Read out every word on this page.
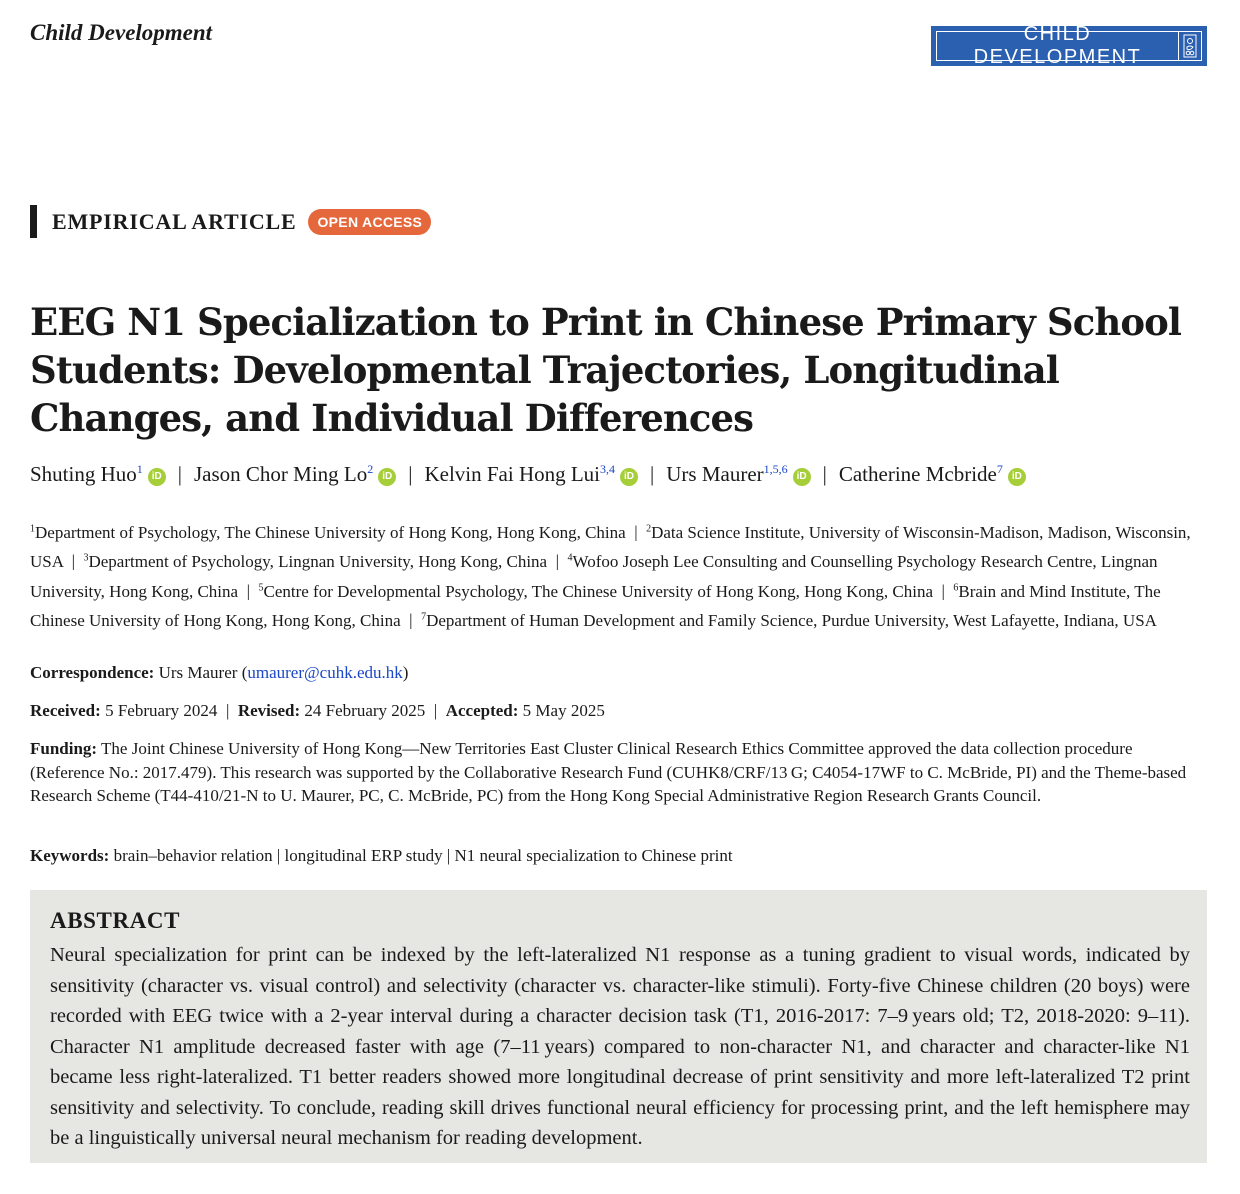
Child Development	CHILD DEVELOPMENT
EMPIRICAL ARTICLE	OPEN ACCESS
EEG N1 Specialization to Print in Chinese Primary School Students: Developmental Trajectories, Longitudinal Changes, and Individual Differences
Shuting Huo$^1$iD | Jason Chor Ming Lo$^2$iD | Kelvin Fai Hong Lui$^{3,4}$iD | Urs Maurer$^{1,5,6}$iD | Catherine Mcbride$^7$iD

$^1$Department of Psychology, The Chinese University of Hong Kong, Hong Kong, China  |  $^2$Data Science Institute, University of Wisconsin-Madison, Madison, Wisconsin, USA  |  $^3$Department of Psychology, Lingnan University, Hong Kong, China  |  $^4$Wofoo Joseph Lee Consulting and Counselling Psychology Research Centre, Lingnan University, Hong Kong, China  |  $^5$Centre for Developmental Psychology, The Chinese University of Hong Kong, Hong Kong, China  |  $^6$Brain and Mind Institute, The Chinese University of Hong Kong, Hong Kong, China  |  $^7$Department of Human Development and Family Science, Purdue University, West Lafayette, Indiana, USA

Correspondence: Urs Maurer (umaurer@cuhk.edu.hk)
Received: 5 February 2024  |  Revised: 24 February 2025  |  Accepted: 5 May 2025
Funding: The Joint Chinese University of Hong Kong—New Territories East Cluster Clinical Research Ethics Committee approved the data collection procedure (Reference No.: 2017.479). This research was supported by the Collaborative Research Fund (CUHK8/CRF/13 G; C4054-17WF to C. McBride, PI) and the Theme-based Research Scheme (T44-410/21-N to U. Maurer, PC, C. McBride, PC) from the Hong Kong Special Administrative Region Research Grants Council.
Keywords: brain–behavior relation | longitudinal ERP study | N1 neural specialization to Chinese print
ABSTRACT

Neural specialization for print can be indexed by the left-lateralized N1 response as a tuning gradient to visual words, indicated by sensitivity (character vs. visual control) and selectivity (character vs. character-like stimuli). Forty-five Chinese children (20 boys) were recorded with EEG twice with a 2-year interval during a character decision task (T1, 2016-2017: 7–9 years old; T2, 2018-2020: 9–11). Character N1 amplitude decreased faster with age (7–11 years) compared to non-character N1, and character and character-like N1 became less right-lateralized. T1 better readers showed more longitudinal decrease of print sensitivity and more left-lateralized T2 print sensitivity and selectivity. To conclude, reading skill drives functional neural efficiency for processing print, and the left hemisphere may be a linguistically universal neural mechanism for reading development.
